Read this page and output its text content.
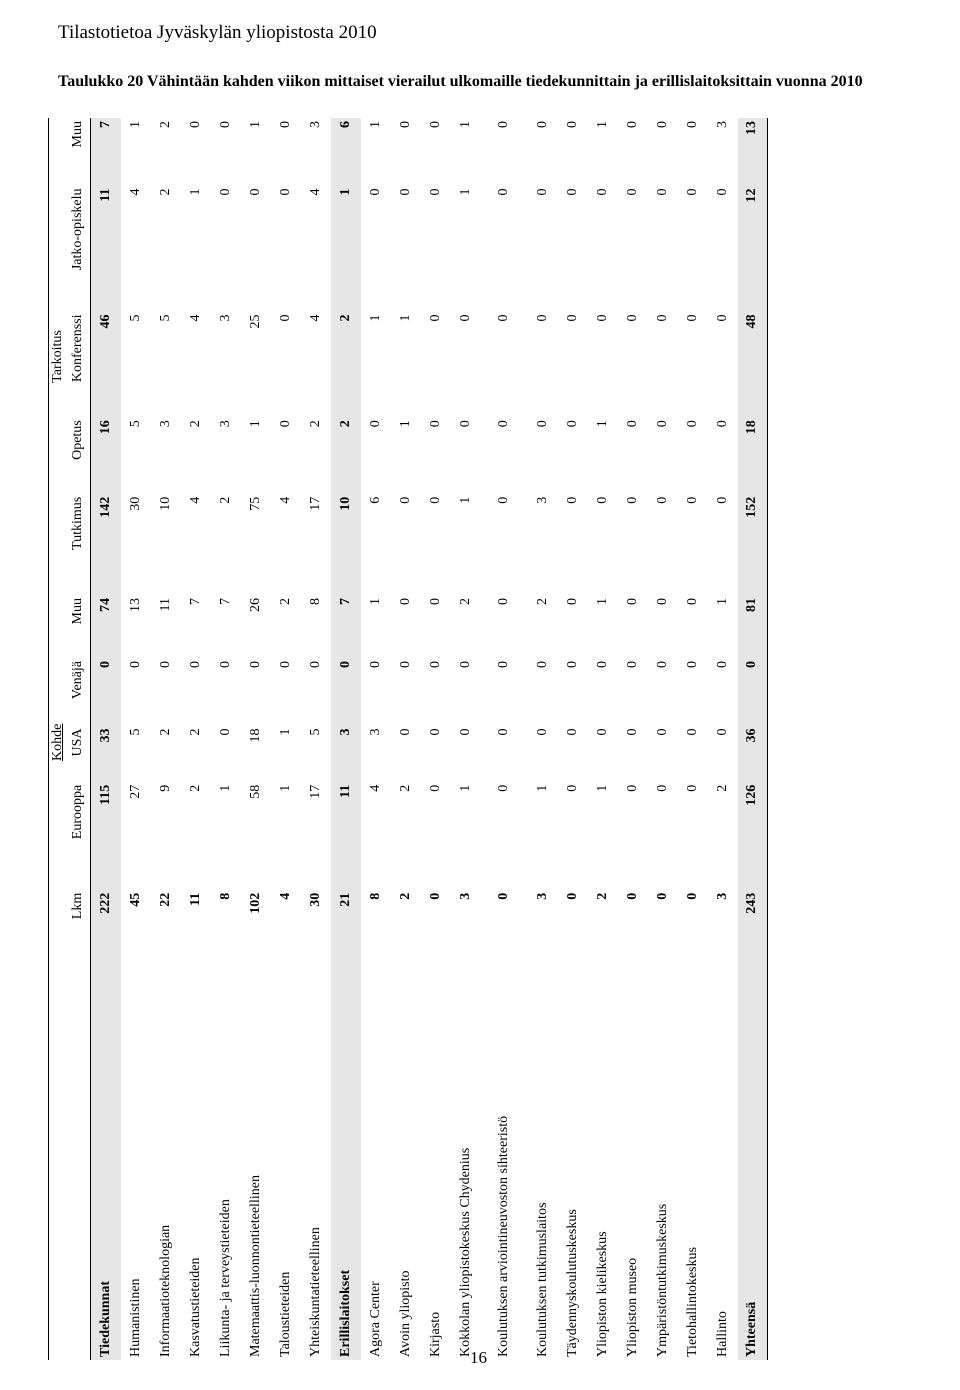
Tilastotietoa Jyväskylän yliopistosta 2010
Taulukko 20 Vähintään kahden viikon mittaiset vierailut ulkomaille tiedekunnittain ja erillislaitoksittain vuonna 2010
		Kohde				Tarkoitus				
	Lkm	Eurooppa	USA	Venäjä	Muu	Tutkimus	Opetus	Konferenssi	Jatko-opiskelu	Muu
Tiedekunnat	222	115	33	0	74	142	16	46	11	7
Humanistinen	45	27	5	0	13	30	5	5	4	1
Informaatioteknologian	22	9	2	0	11	10	3	5	2	2
Kasvatustieteiden	11	2	2	0	7	4	2	4	1	0
Liikunta- ja terveystieteiden	8	1	0	0	7	2	3	3	0	0
Matemaattis-luonnontieteellinen	102	58	18	0	26	75	1	25	0	1
Taloustieteiden	4	1	1	0	2	4	0	0	0	0
Yhteiskuntatieteellinen	30	17	5	0	8	17	2	4	4	3
Erillislaitokset	21	11	3	0	7	10	2	2	1	6
Agora Center	8	4	3	0	1	6	0	1	0	1
Avoin yliopisto	2	2	0	0	0	0	1	1	0	0
Kirjasto	0	0	0	0	0	0	0	0	0	0
Kokkolan yliopistokeskus Chydenius	3	1	0	0	2	1	0	0	1	1
Koulutuksen arviointineuvoston sihteeristö	0	0	0	0	0	0	0	0	0	0
Koulutuksen tutkimuslaitos	3	1	0	0	2	3	0	0	0	0
Täydennyskoulutuskeskus	0	0	0	0	0	0	0	0	0	0
Yliopiston kielikeskus	2	1	0	0	1	0	1	0	0	1
Yliopiston museo	0	0	0	0	0	0	0	0	0	0
Ympäristöntutkimuskeskus	0	0	0	0	0	0	0	0	0	0
Tietohallintokeskus	0	0	0	0	0	0	0	0	0	0
Hallinto	3	2	0	0	1	0	0	0	0	3
Yhteensä	243	126	36	0	81	152	18	48	12	13
16
